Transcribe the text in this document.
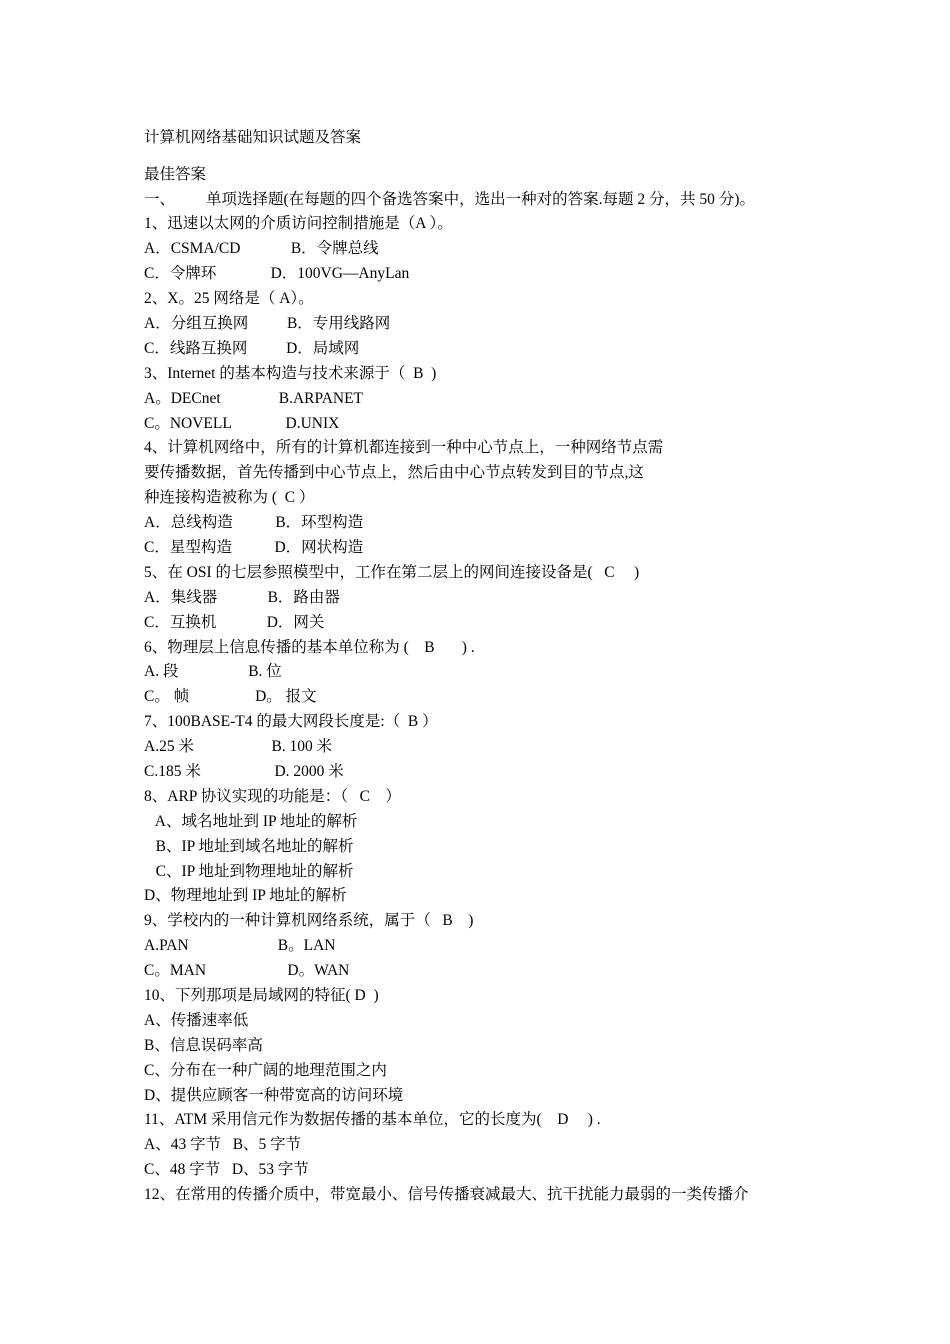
计算机网络基础知识试题及答案
最佳答案
一、        单项选择题(在每题的四个备选答案中，选出一种对的答案.每题 2 分，共 50 分)。
1、迅速以太网的介质访问控制措施是（A ）。
A．CSMA/CD             B．令牌总线
C．令牌环              D．100VG—AnyLan
2、X。25 网络是（ A）。
A．分组互换网          B．专用线路网
C．线路互换网          D．局域网
3、Internet 的基本构造与技术来源于（  B  )
A。DECnet               B.ARPANET
C。NOVELL              D.UNIX
4、计算机网络中，所有的计算机都连接到一种中心节点上，一种网络节点需
要传播数据，首先传播到中心节点上，然后由中心节点转发到目的节点,这
种连接构造被称为 (  C ）
A．总线构造           B．环型构造
C．星型构造           D．网状构造
5、在 OSI 的七层参照模型中，工作在第二层上的网间连接设备是(   C     )
A．集线器             B．路由器
C．互换机             D．网关
6、物理层上信息传播的基本单位称为 (    B       ) .
A. 段                  B. 位
C。 帧                 D。 报文
7、100BASE-T4 的最大网段长度是:（  B ）
A.25 米                    B. 100 米
C.185 米                   D. 2000 米
8、ARP 协议实现的功能是：（   C    ）
A、域名地址到 IP 地址的解析
B、IP 地址到域名地址的解析
C、IP 地址到物理地址的解析
D、物理地址到 IP 地址的解析
9、学校内的一种计算机网络系统，属于（   B    )
A.PAN                       B。LAN
C。MAN                     D。WAN
10、下列那项是局域网的特征( D  )
A、传播速率低
B、信息误码率高
C、分布在一种广阔的地理范围之内
D、提供应顾客一种带宽高的访问环境
11、ATM 采用信元作为数据传播的基本单位，它的长度为(    D     ) .
A、43 字节   B、5 字节
C、48 字节   D、53 字节
12、在常用的传播介质中，带宽最小、信号传播衰减最大、抗干扰能力最弱的一类传播介
